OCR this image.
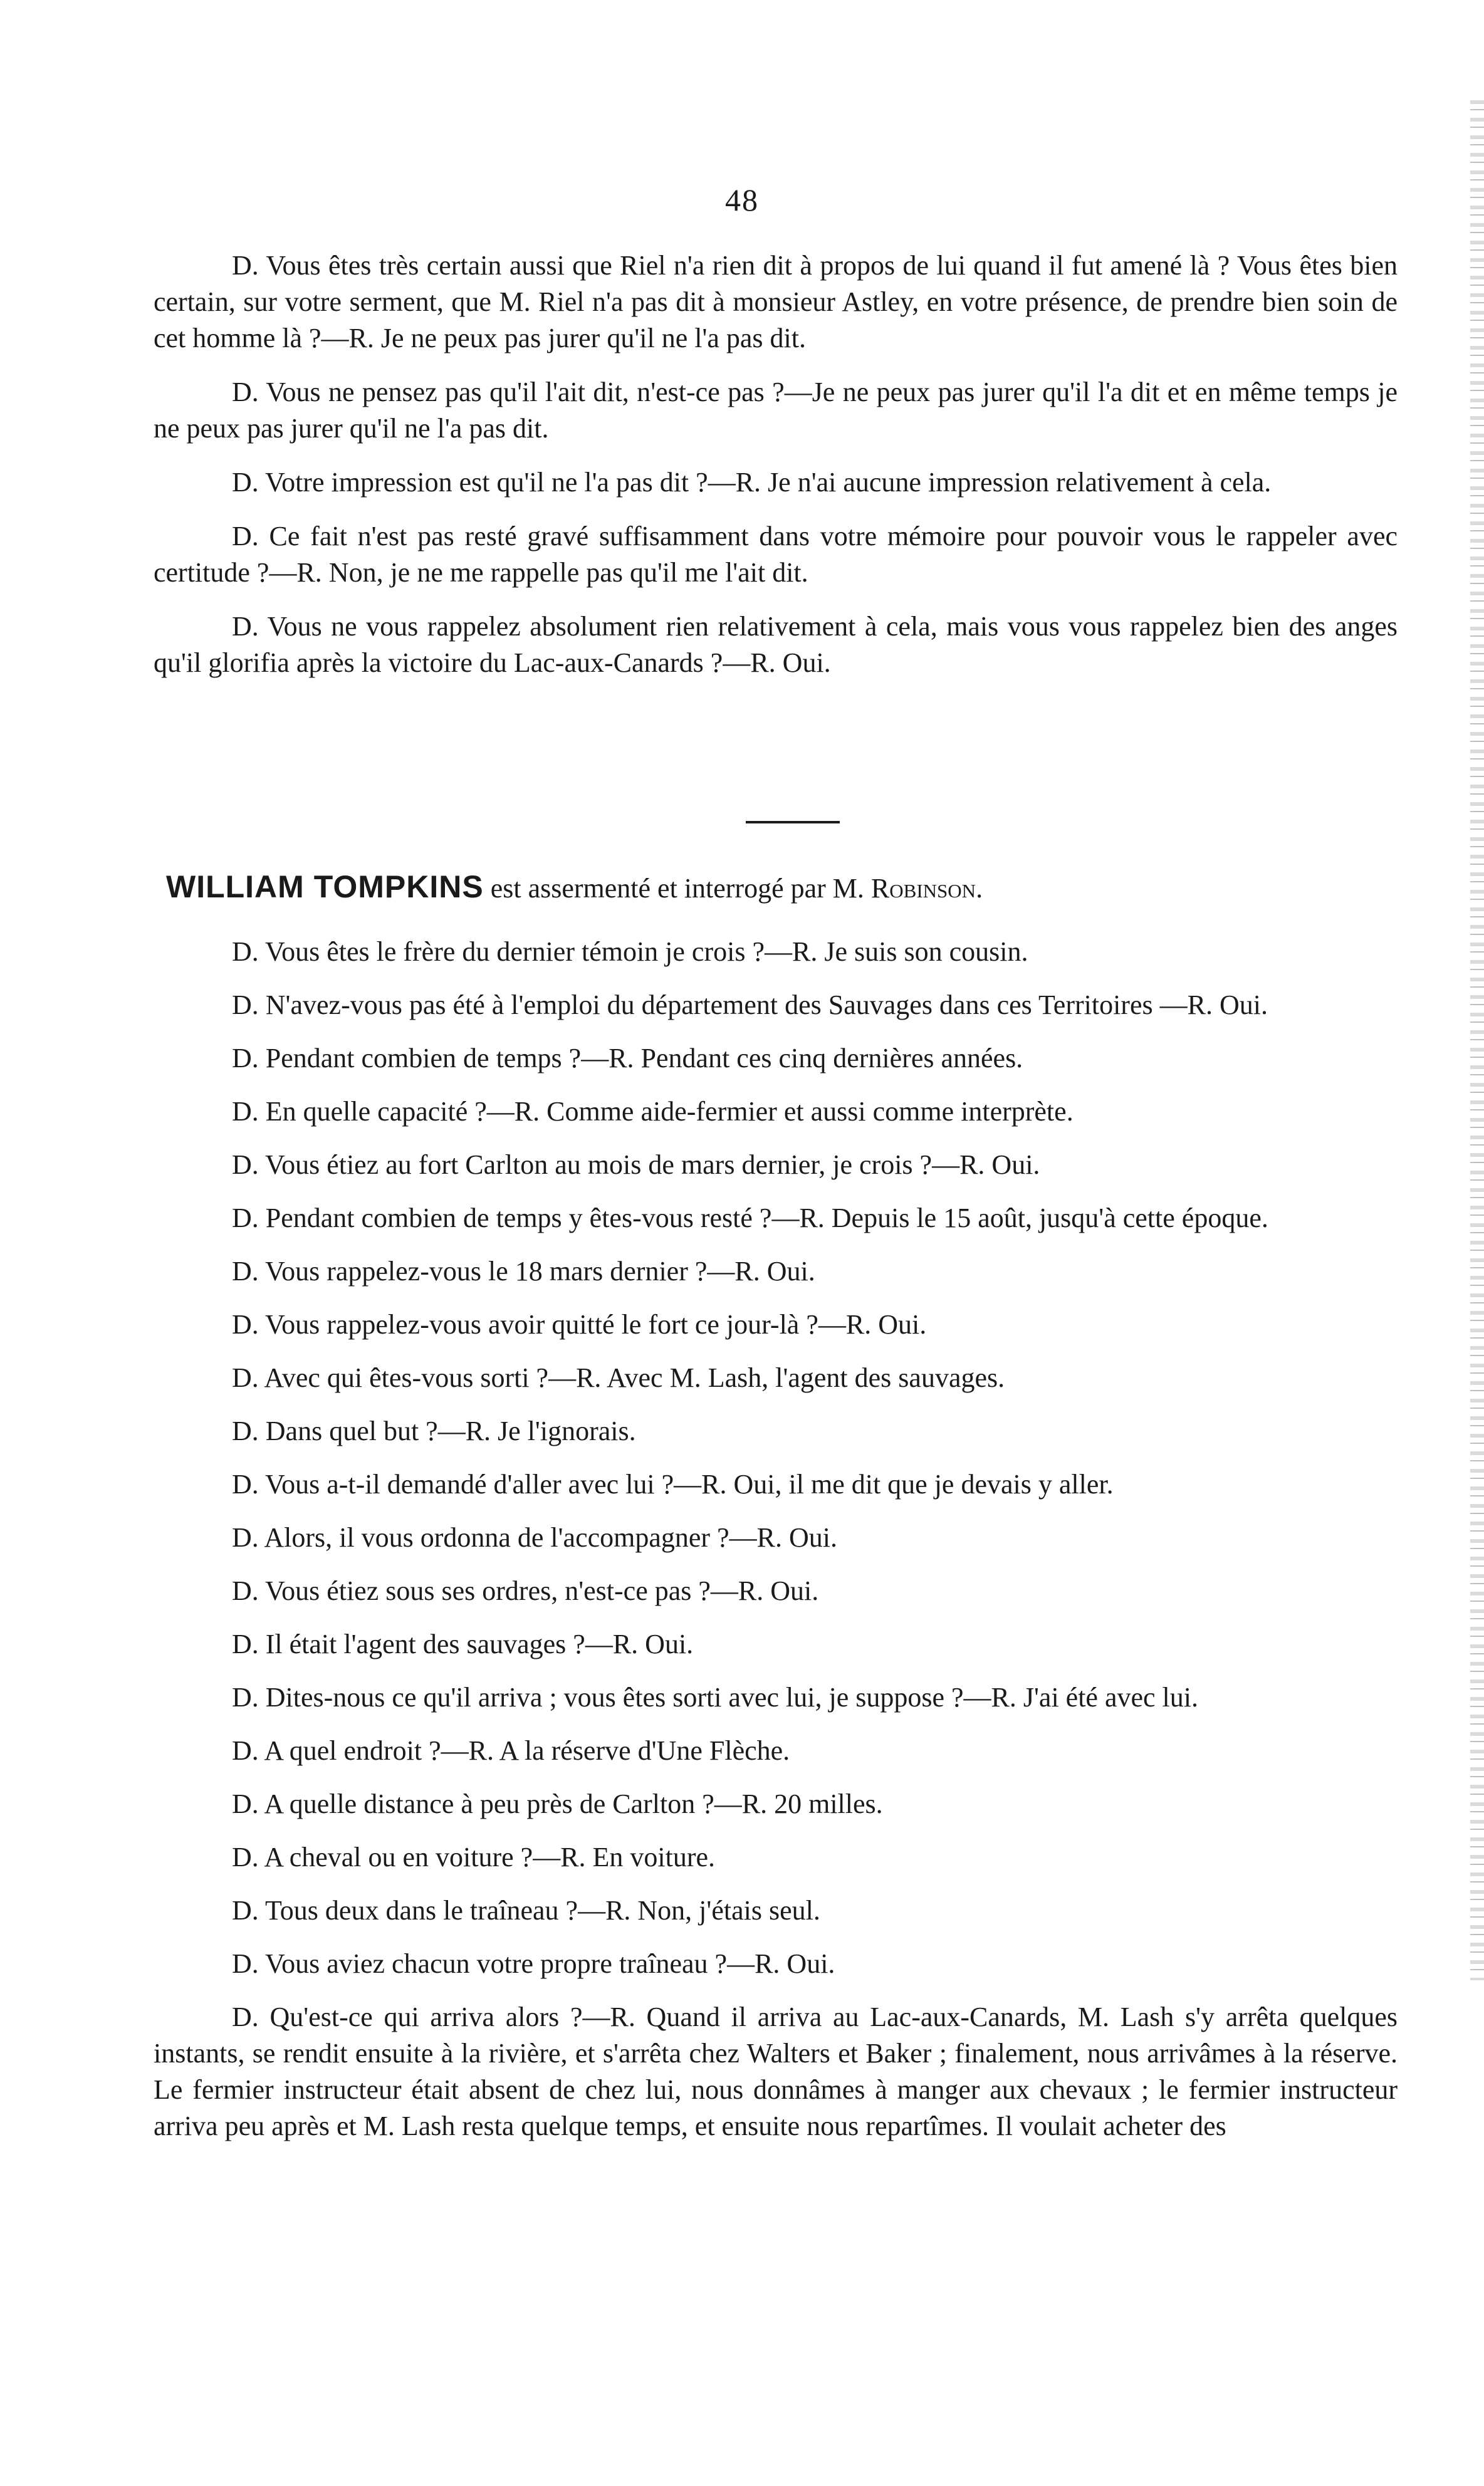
48

D. Vous êtes très certain aussi que Riel n'a rien dit à propos de lui quand il fut amené là ? Vous êtes bien certain, sur votre serment, que M. Riel n'a pas dit à monsieur Astley, en votre présence, de prendre bien soin de cet homme là ?—R. Je ne peux pas jurer qu'il ne l'a pas dit.

D. Vous ne pensez pas qu'il l'ait dit, n'est-ce pas ?—Je ne peux pas jurer qu'il l'a dit et en même temps je ne peux pas jurer qu'il ne l'a pas dit.

D. Votre impression est qu'il ne l'a pas dit ?—R. Je n'ai aucune impression relativement à cela.

D. Ce fait n'est pas resté gravé suffisamment dans votre mémoire pour pouvoir vous le rappeler avec certitude ?—R. Non, je ne me rappelle pas qu'il me l'ait dit.

D. Vous ne vous rappelez absolument rien relativement à cela, mais vous vous rappelez bien des anges qu'il glorifia après la victoire du Lac-aux-Canards ?—R. Oui.

WILLIAM TOMPKINS est assermenté et interrogé par M. Robinson.

D. Vous êtes le frère du dernier témoin je crois ?—R. Je suis son cousin.

D. N'avez-vous pas été à l'emploi du département des Sauvages dans ces Territoires —R. Oui.

D. Pendant combien de temps ?—R. Pendant ces cinq dernières années.

D. En quelle capacité ?—R. Comme aide-fermier et aussi comme interprète.

D. Vous étiez au fort Carlton au mois de mars dernier, je crois ?—R. Oui.

D. Pendant combien de temps y êtes-vous resté ?—R. Depuis le 15 août, jusqu'à cette époque.

D. Vous rappelez-vous le 18 mars dernier ?—R. Oui.

D. Vous rappelez-vous avoir quitté le fort ce jour-là ?—R. Oui.

D. Avec qui êtes-vous sorti ?—R. Avec M. Lash, l'agent des sauvages.

D. Dans quel but ?—R. Je l'ignorais.

D. Vous a-t-il demandé d'aller avec lui ?—R. Oui, il me dit que je devais y aller.

D. Alors, il vous ordonna de l'accompagner ?—R. Oui.

D. Vous étiez sous ses ordres, n'est-ce pas ?—R. Oui.

D. Il était l'agent des sauvages ?—R. Oui.

D. Dites-nous ce qu'il arriva ; vous êtes sorti avec lui, je suppose ?—R. J'ai été avec lui.

D. A quel endroit ?—R. A la réserve d'Une Flèche.

D. A quelle distance à peu près de Carlton ?—R. 20 milles.

D. A cheval ou en voiture ?—R. En voiture.

D. Tous deux dans le traîneau ?—R. Non, j'étais seul.

D. Vous aviez chacun votre propre traîneau ?—R. Oui.

D. Qu'est-ce qui arriva alors ?—R. Quand il arriva au Lac-aux-Canards, M. Lash s'y arrêta quelques instants, se rendit ensuite à la rivière, et s'arrêta chez Walters et Baker ; finalement, nous arrivâmes à la réserve. Le fermier instructeur était absent de chez lui, nous donnâmes à manger aux chevaux ; le fermier instructeur arriva peu après et M. Lash resta quelque temps, et ensuite nous repartîmes. Il voulait acheter des
